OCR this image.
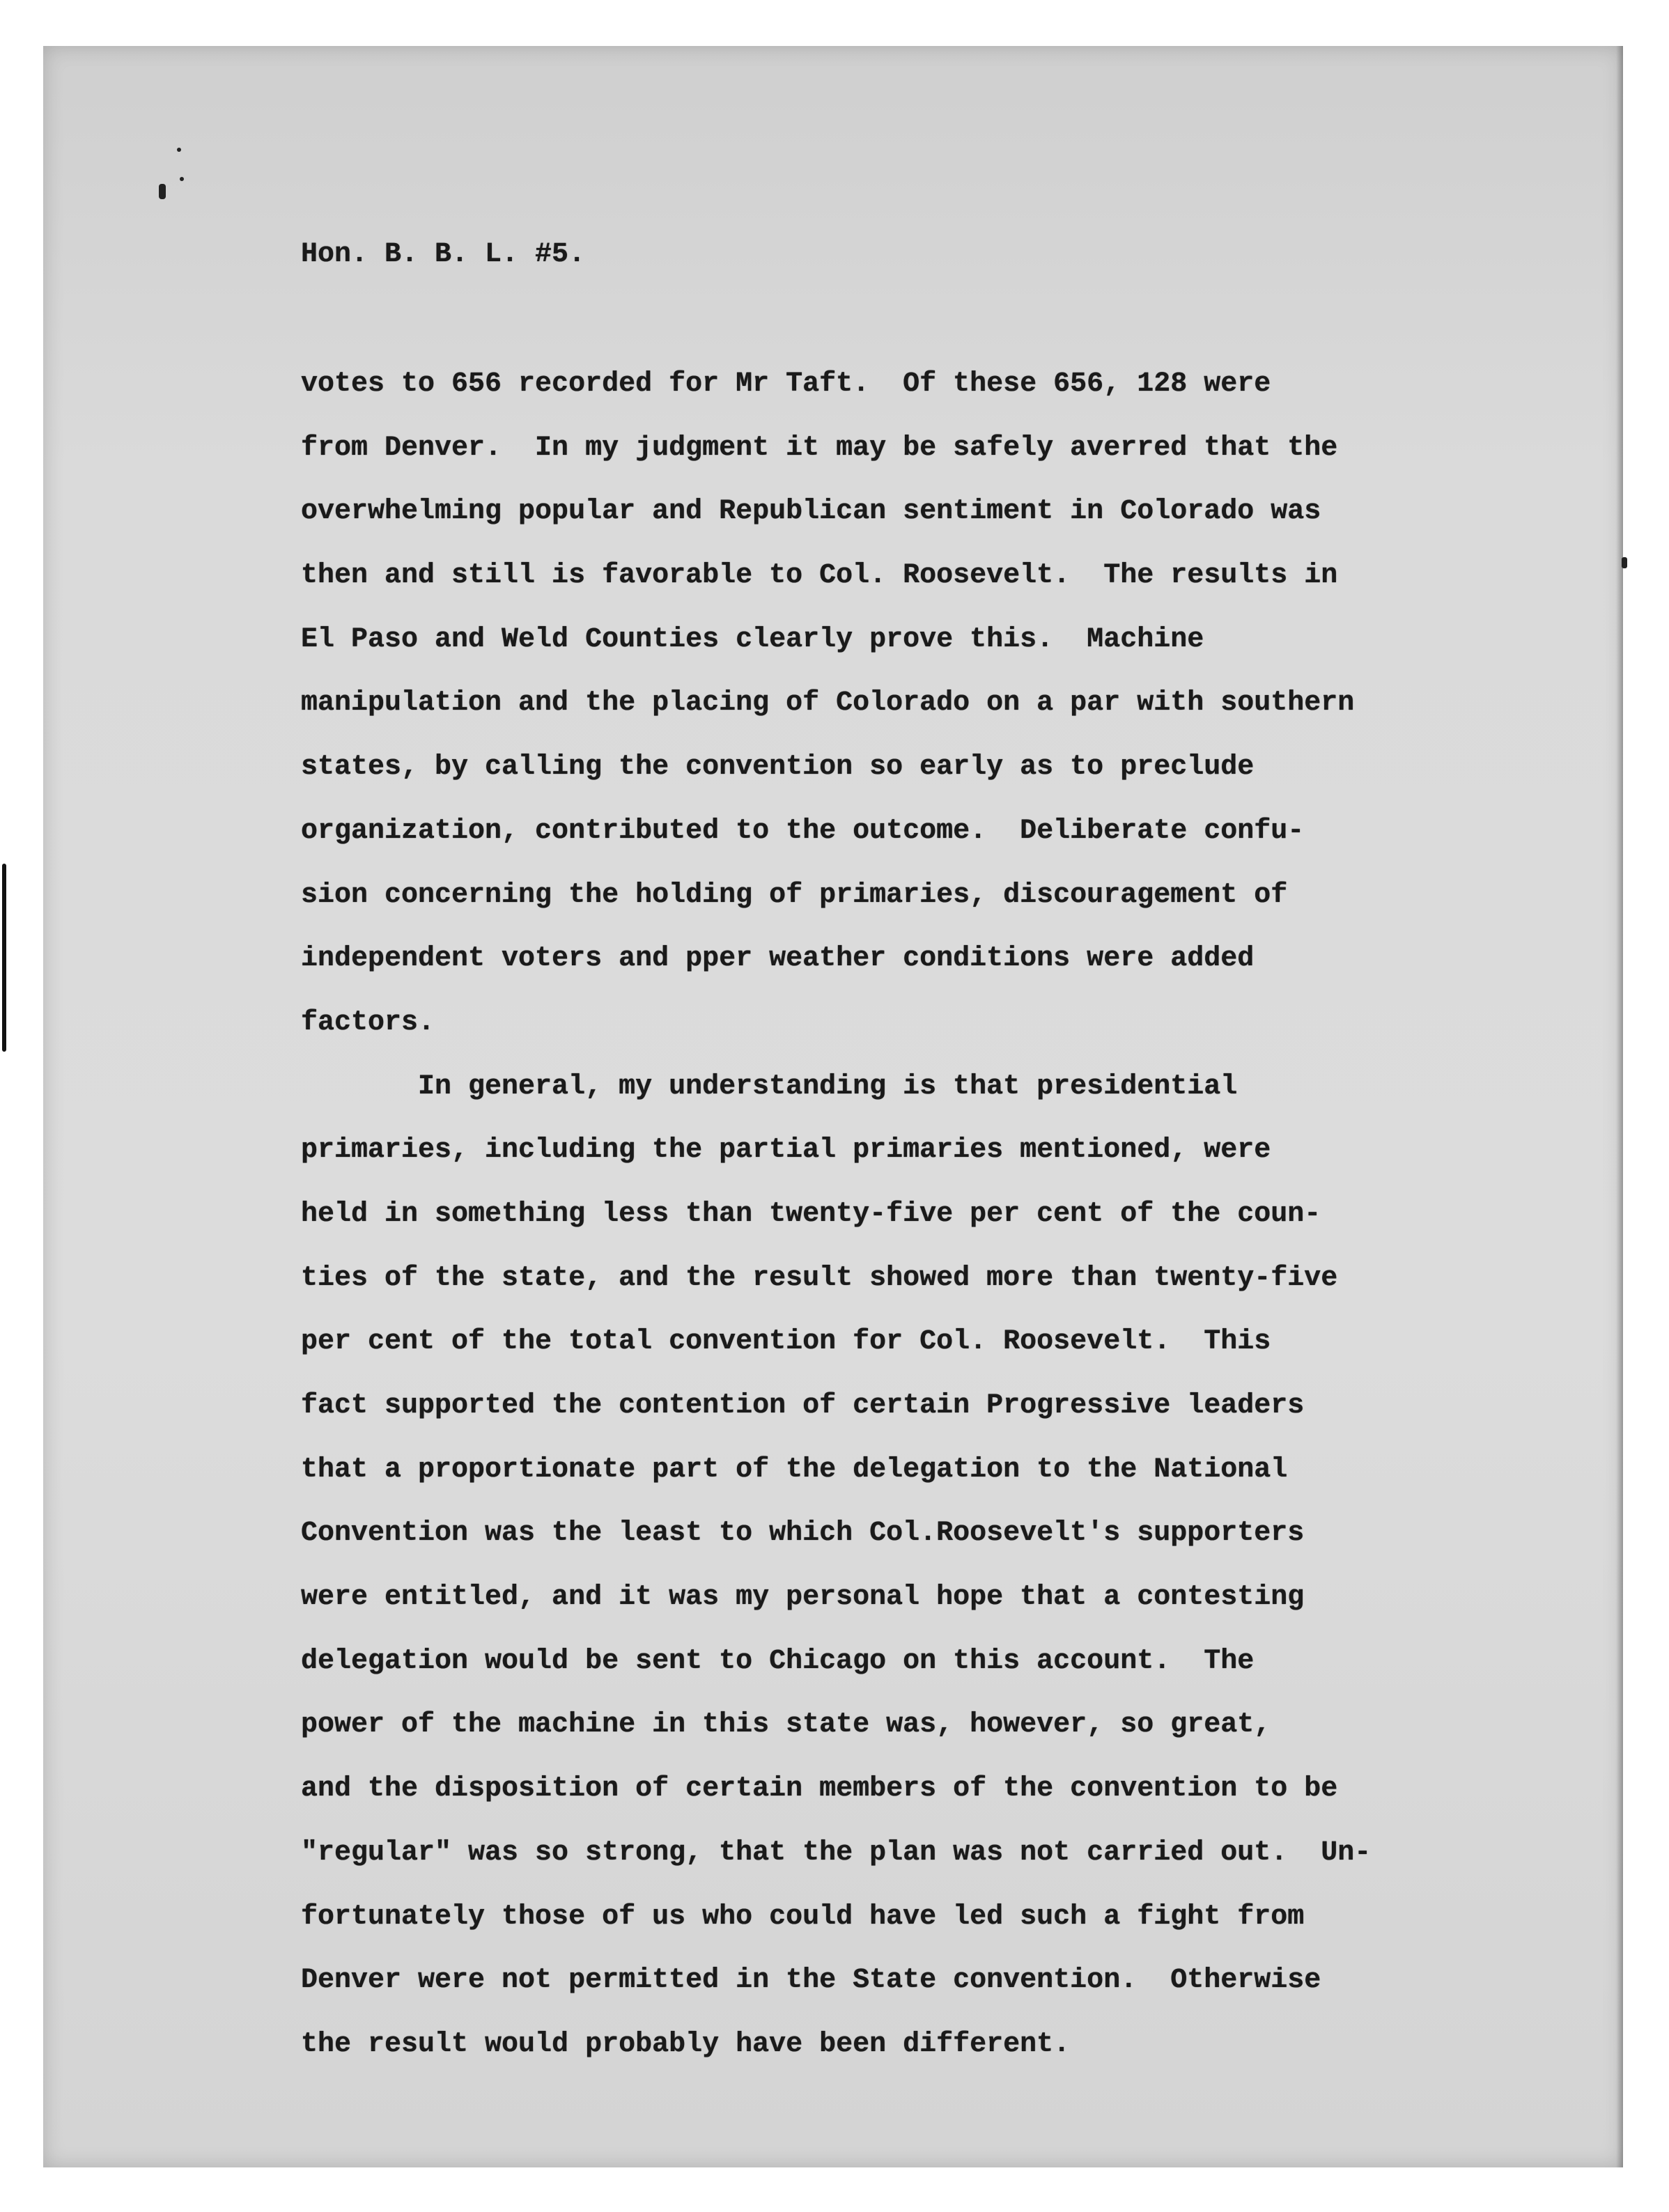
Hon. B. B. L. #5.
votes to 656 recorded for Mr Taft.  Of these 656, 128 were
from Denver.  In my judgment it may be safely averred that the
overwhelming popular and Republican sentiment in Colorado was
then and still is favorable to Col. Roosevelt.  The results in
El Paso and Weld Counties clearly prove this.  Machine
manipulation and the placing of Colorado on a par with southern
states, by calling the convention so early as to preclude
organization, contributed to the outcome.  Deliberate confu-
sion concerning the holding of primaries, discouragement of
independent voters and pper weather conditions were added
factors.
In general, my understanding is that presidential
primaries, including the partial primaries mentioned, were
held in something less than twenty-five per cent of the coun-
ties of the state, and the result showed more than twenty-five
per cent of the total convention for Col. Roosevelt.  This
fact supported the contention of certain Progressive leaders
that a proportionate part of the delegation to the National
Convention was the least to which Col.Roosevelt's supporters
were entitled, and it was my personal hope that a contesting
delegation would be sent to Chicago on this account.  The
power of the machine in this state was, however, so great,
and the disposition of certain members of the convention to be
"regular" was so strong, that the plan was not carried out.  Un-
fortunately those of us who could have led such a fight from
Denver were not permitted in the State convention.  Otherwise
the result would probably have been different.
